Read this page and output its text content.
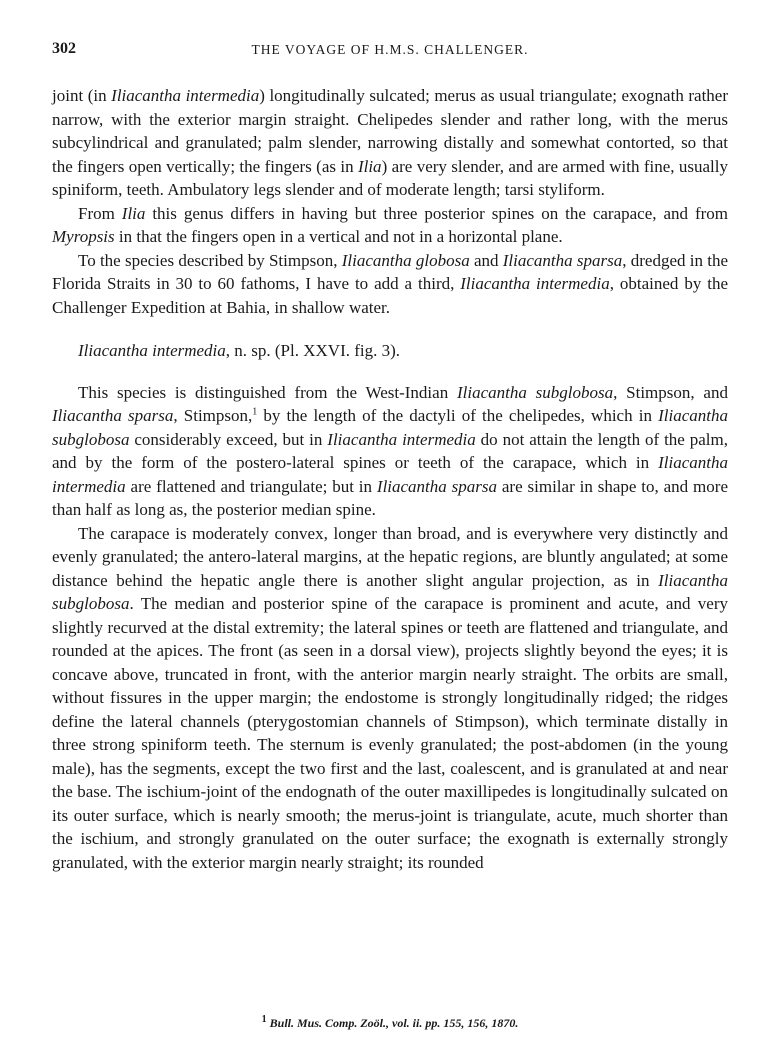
302	THE VOYAGE OF H.M.S. CHALLENGER.

joint (in Iliacantha intermedia) longitudinally sulcated; merus as usual triangulate; exognath rather narrow, with the exterior margin straight. Chelipedes slender and rather long, with the merus subcylindrical and granulated; palm slender, narrowing distally and somewhat contorted, so that the fingers open vertically; the fingers (as in Ilia) are very slender, and are armed with fine, usually spiniform, teeth. Ambulatory legs slender and of moderate length; tarsi styliform.

From Ilia this genus differs in having but three posterior spines on the carapace, and from Myropsis in that the fingers open in a vertical and not in a horizontal plane.

To the species described by Stimpson, Iliacantha globosa and Iliacantha sparsa, dredged in the Florida Straits in 30 to 60 fathoms, I have to add a third, Iliacantha intermedia, obtained by the Challenger Expedition at Bahia, in shallow water.

Iliacantha intermedia, n. sp. (Pl. XXVI. fig. 3).

This species is distinguished from the West-Indian Iliacantha subglobosa, Stimpson, and Iliacantha sparsa, Stimpson,$^1$ by the length of the dactyli of the chelipedes, which in Iliacantha subglobosa considerably exceed, but in Iliacantha intermedia do not attain the length of the palm, and by the form of the postero-lateral spines or teeth of the carapace, which in Iliacantha intermedia are flattened and triangulate; but in Iliacantha sparsa are similar in shape to, and more than half as long as, the posterior median spine.

The carapace is moderately convex, longer than broad, and is everywhere very distinctly and evenly granulated; the antero-lateral margins, at the hepatic regions, are bluntly angulated; at some distance behind the hepatic angle there is another slight angular projection, as in Iliacantha subglobosa. The median and posterior spine of the carapace is prominent and acute, and very slightly recurved at the distal extremity; the lateral spines or teeth are flattened and triangulate, and rounded at the apices. The front (as seen in a dorsal view), projects slightly beyond the eyes; it is concave above, truncated in front, with the anterior margin nearly straight. The orbits are small, without fissures in the upper margin; the endostome is strongly longitudinally ridged; the ridges define the lateral channels (pterygostomian channels of Stimpson), which terminate distally in three strong spiniform teeth. The sternum is evenly granulated; the post-abdomen (in the young male), has the segments, except the two first and the last, coalescent, and is granulated at and near the base. The ischium-joint of the endognath of the outer maxillipedes is longitudinally sulcated on its outer surface, which is nearly smooth; the merus-joint is triangulate, acute, much shorter than the ischium, and strongly granulated on the outer surface; the exognath is externally strongly granulated, with the exterior margin nearly straight; its rounded

$^1$ Bull. Mus. Comp. Zoöl., vol. ii. pp. 155, 156, 1870.
